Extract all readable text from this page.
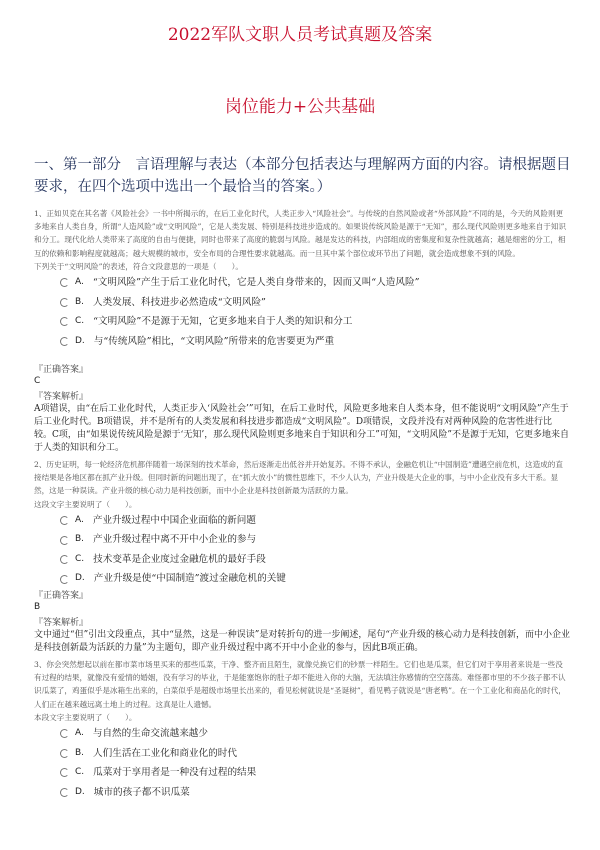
2022军队文职人员考试真题及答案
岗位能力+公共基础
一、第一部分　言语理解与表达（本部分包括表达与理解两方面的内容。请根据题目要求，在四个选项中选出一个最恰当的答案。）
1、正如贝克在其名著《风险社会》一书中所揭示的，在后工业化时代，人类正步入“风险社会”。与传统的自然风险或者“外部风险”不同的是，今天的风险则更多地来自人类自身，所谓“人造风险”或“文明风险”，它是人类发展、特别是科技进步造成的。如果说传统风险是源于“无知”，那么现代风险则更多地来自于知识和分工。现代化给人类带来了高度的自由与便捷，同时也带来了高度的脆弱与风险。越是发达的科技，内部组成的密集度和复杂性就越高；越是细密的分工，相互的依赖和影响程度就越高；越大规模的城市，安全布局的合理性要求就越高。而一旦其中某个部位或环节出了问题，就会造成想象不到的风险。
下列关于“文明风险”的表述，符合文段意思的一项是（　　）。
A. “文明风险”产生于后工业化时代，它是人类自身带来的，因而又叫“人造风险”
B. 人类发展、科技进步必然造成“文明风险”
C. “文明风险”不是源于无知，它更多地来自于人类的知识和分工
D. 与“传统风险”相比，“文明风险”所带来的危害要更为严重
『正确答案』
C
『答案解析』
A项错误，由“在后工业化时代，人类正步入‘风险社会’”可知，在后工业时代，风险更多地来自人类本身，但不能说明“文明风险”产生于后工业化时代。B项错误，并不是所有的人类发展和科技进步都造成“文明风险”。D项错误，文段并没有对两种风险的危害性进行比较。C项，由“如果说传统风险是源于‘无知’，那么现代风险则更多地来自于知识和分工”可知，“文明风险”不是源于无知，它更多地来自于人类的知识和分工。
2、历史证明，每一轮经济危机都伴随着一场深刻的技术革命，然后逐渐走出低谷并开始复苏。不得不承认，金融危机让“中国制造”遭遇空前危机，这造成的直接结果是各地区都在抓产业升级。但同时新的问题出现了，在“抓大放小”的惯性思维下，不少人认为，产业升级是大企业的事，与中小企业没有多大干系。显然，这是一种误读。产业升级的核心动力是科技创新，而中小企业是科技创新最为活跃的力量。
这段文字主要说明了（　　）。
A. 产业升级过程中中国企业面临的新问题
B. 产业升级过程中离不开中小企业的参与
C. 技术变革是企业度过金融危机的最好手段
D. 产业升级是使“中国制造”渡过金融危机的关键
『正确答案』
B
『答案解析』
文中通过“但”引出文段重点，其中“显然，这是一种误读”是对转折句的进一步阐述，尾句“产业升级的核心动力是科技创新，而中小企业是科技创新最为活跃的力量”为主题句，即产业升级过程中离不开中小企业的参与，因此B项正确。
3、你会突然想起以前在都市菜市场里买来的那些瓜菜，干净、整齐而且陌生，就像兑换它们的钞票一样陌生。它们也是瓜菜，但它们对于享用者来说是一些没有过程的结果，就像没有爱情的婚姻，没有学习的毕业，于是能塞饱你的肚子却不能进入你的大脑，无法填注你感情的空空荡荡。难怪都市里的不少孩子都不认识瓜菜了，鸡蛋似乎是冰箱生出来的，白菜似乎是超级市场里长出来的，看见松树就说是“圣诞树”，看见鸭子就说是“唐老鸭”。在一个工业化和商品化的时代，人们正在越来越远离土地上的过程。这真是让人遗憾。
本段文字主要说明了（　　）。
A. 与自然的生命交流越来越少
B. 人们生活在工业化和商业化的时代
C. 瓜菜对于享用者是一种没有过程的结果
D. 城市的孩子都不识瓜菜
